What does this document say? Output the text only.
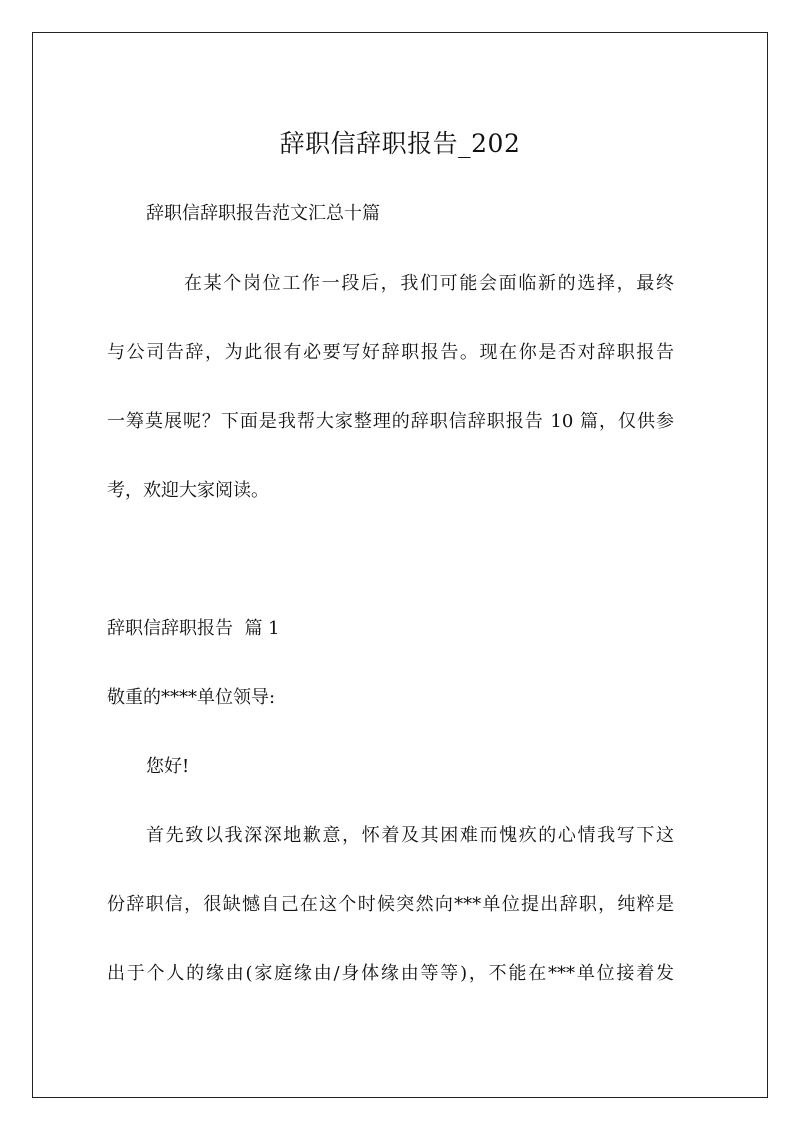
辞职信辞职报告_202
辞职信辞职报告范文汇总十篇
在某个岗位工作一段后，我们可能会面临新的选择，最终
与公司告辞，为此很有必要写好辞职报告。现在你是否对辞职报告
一筹莫展呢？下面是我帮大家整理的辞职信辞职报告 10 篇，仅供参
考，欢迎大家阅读。
辞职信辞职报告  篇 1
敬重的****单位领导:
您好!
首先致以我深深地歉意，怀着及其困难而愧疚的心情我写下这
份辞职信，很缺憾自己在这个时候突然向***单位提出辞职，纯粹是
出于个人的缘由(家庭缘由/身体缘由等等)，不能在***单位接着发
